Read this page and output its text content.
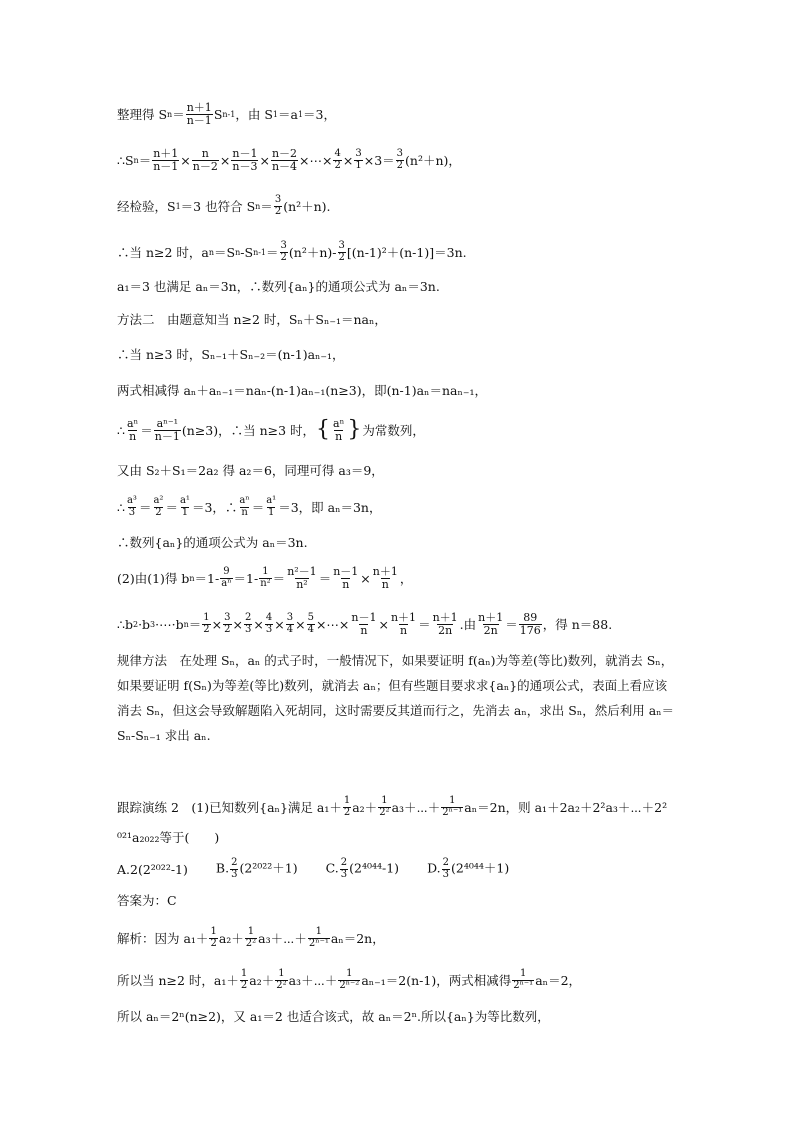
整理得 S $n = \frac{n+1}{n-1}$ S n-1 ，由 S 1 ＝a 1 ＝3，
∴S $n = \frac{n+1}{n-1} \times \frac{n}{n-2} \times \frac{n-1}{n-3} \times \frac{n-2}{n-4}$ ×⋯× $\frac{4}{2} \times \frac{3}{1} \times 3= \frac{3}{2} (n^2+n)$，
经检验，S 1 ＝3 也符合 S $n = \frac{3}{2} (n^2+n)$.
∴当 n≥2 时，a n ＝S n -S $n-1 = \frac{3}{2} (n^2+n)- \frac{3}{2} [(n-1)^2+(n-1)]=3n$.
a₁＝3 也满足 aₙ＝3n，∴数列{aₙ}的通项公式为 aₙ＝3n.
方法二　由题意知当 n≥2 时，Sₙ＋Sₙ₋₁＝naₙ，
∴当 n≥3 时，Sₙ₋₁＋Sₙ₋₂＝(n-1)aₙ₋₁，
两式相减得 aₙ＋aₙ₋₁＝naₙ-(n-1)aₙ₋₁(n≥3)，即(n-1)aₙ＝naₙ₋₁，
∴ $\frac{\text{aⁿ}}{n} = \frac{\text{aⁿ⁻¹}}{n-1} (n\ge 3)$，∴当 n≥3 时， { $\frac{\text{aⁿ}}{n}$ } 为常数列，
又由 S₂＋S₁＝2a₂ 得 a₂＝6，同理可得 a₃＝9，
∴ $\frac{\text{a³}}{3} = \frac{\text{a²}}{2} = \frac{\text{a¹}}{1} =3$，∴ $\frac{\text{aⁿ}}{n} = \frac{\text{a¹}}{1} =3$，即 aₙ＝3n，
∴数列{aₙ}的通项公式为 aₙ＝3n.
(2)由(1)得 b $n =1- \frac{9}{\text{aⁿ}} =1- \frac{1}{\text{n²}} = \frac{\text{n²－1}}{\text{n²}} = \frac{n-1}{n} \times \frac{n+1}{n}$ ，
∴b 2 ·b 3 ·⋯·b $n = \frac{1}{2} \times \frac{3}{2} \times \frac{2}{3} \times \frac{4}{3} \times \frac{3}{4} \times \frac{5}{4}$ ×⋯× $\frac{n-1}{n} \times \frac{n+1}{n} = \frac{n+1}{2n}$ .由 $\frac{n+1}{2n} = \frac{89}{176}$ ，得 n＝88.
规律方法　在处理 Sₙ，aₙ 的式子时，一般情况下，如果要证明 f(aₙ)为等差(等比)数列，就消去 Sₙ，如果要证明 f(Sₙ)为等差(等比)数列，就消去 aₙ；但有些题目要求求{aₙ}的通项公式，表面上看应该消去 Sₙ，但这会导致解题陷入死胡同，这时需要反其道而行之，先消去 aₙ，求出 Sₙ，然后利用 aₙ＝Sₙ-Sₙ₋₁ 求出 aₙ.
跟踪演练 2　(1)已知数列{aₙ}满足 $a_1+ \frac{1}{2} a_2+ \frac{1}{\text{2²}}$ a₃＋⋯＋ $\frac{1}{\text{2ⁿ⁻¹}} a_n=2n$，则 a₁＋2a₂＋2²a₃＋⋯＋2²
⁰²¹a₂₀₂₂等于(　　)
A.2(2²⁰²²-1) B. $\frac{2}{3} (2^{2022}+1)$ C. $\frac{2}{3} (2^{4044}-1)$ D. $\frac{2}{3} (2^{4044}+1)$
答案为：C
解析：因为 $a_1+ \frac{1}{2} a_2+ \frac{1}{\text{2²}}$ a₃＋⋯＋ $\frac{1}{\text{2ⁿ⁻¹}} a_n=2n$，
所以当 n≥2 时，$a_1+ \frac{1}{2} a_2+ \frac{1}{\text{2²}}$ a₃＋⋯＋ $\frac{1}{\text{2ⁿ⁻²}} a_{n-1}=2(n-1)$，两式相减得 $\frac{1}{\text{2ⁿ⁻¹}} a_n=2$，
所以 aₙ＝2ⁿ(n≥2)，又 a₁＝2 也适合该式，故 aₙ＝2ⁿ.所以{aₙ}为等比数列，
